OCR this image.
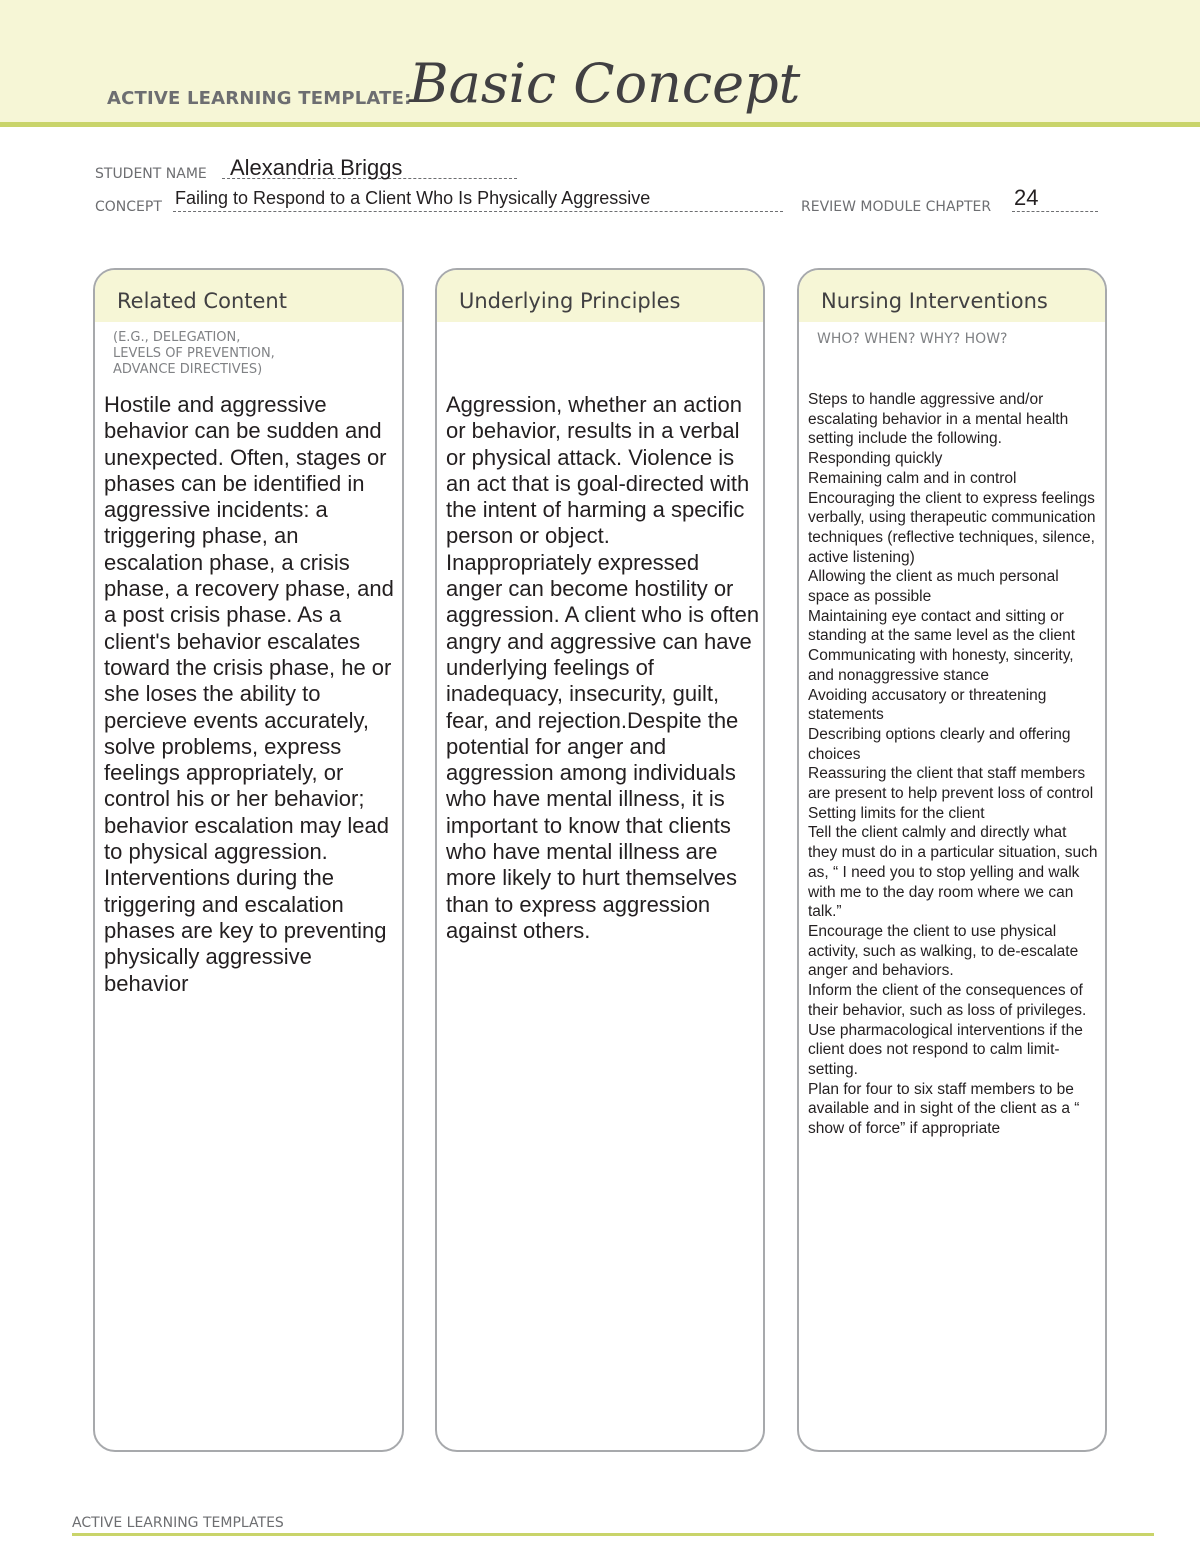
ACTIVE LEARNING TEMPLATE:
Basic Concept
STUDENT NAME Alexandria Briggs
CONCEPT Failing to Respond to a Client Who Is Physically Aggressive	REVIEW MODULE CHAPTER 24
Related Content
(E.G., DELEGATION,
LEVELS OF PREVENTION,
ADVANCE DIRECTIVES)

Hostile and aggressive behavior can be sudden and unexpected. Often, stages or phases can be identified in aggressive incidents: a triggering phase, an escalation phase, a crisis phase, a recovery phase, and a post crisis phase. As a client's behavior escalates toward the crisis phase, he or she loses the ability to percieve events accurately, solve problems, express feelings appropriately, or control his or her behavior; behavior escalation may lead to physical aggression. Interventions during the triggering and escalation phases are key to preventing physically aggressive behavior

Underlying Principles

Aggression, whether an action or behavior, results in a verbal or physical attack. Violence is an act that is goal-directed with the intent of harming a specific person or object. Inappropriately expressed anger can become hostility or aggression. A client who is often angry and aggressive can have underlying feelings of inadequacy, insecurity, guilt, fear, and rejection.Despite the potential for anger and aggression among individuals who have mental illness, it is important to know that clients who have mental illness are more likely to hurt themselves than to express aggression against others.

Nursing Interventions
WHO? WHEN? WHY? HOW?

Steps to handle aggressive and/or escalating behavior in a mental health setting include the following.
Responding quickly
Remaining calm and in control
Encouraging the client to express feelings verbally, using therapeutic communication techniques (reflective techniques, silence, active listening)
Allowing the client as much personal space as possible
Maintaining eye contact and sitting or standing at the same level as the client
Communicating with honesty, sincerity, and nonaggressive stance
Avoiding accusatory or threatening statements
Describing options clearly and offering choices
Reassuring the client that staff members are present to help prevent loss of control
Setting limits for the client
Tell the client calmly and directly what they must do in a particular situation, such as, “ I need you to stop yelling and walk with me to the day room where we can talk.”
Encourage the client to use physical activity, such as walking, to de-escalate anger and behaviors.
Inform the client of the consequences of their behavior, such as loss of privileges.
Use pharmacological interventions if the client does not respond to calm limit-setting.
Plan for four to six staff members to be available and in sight of the client as a “ show of force” if appropriate

ACTIVE LEARNING TEMPLATES
